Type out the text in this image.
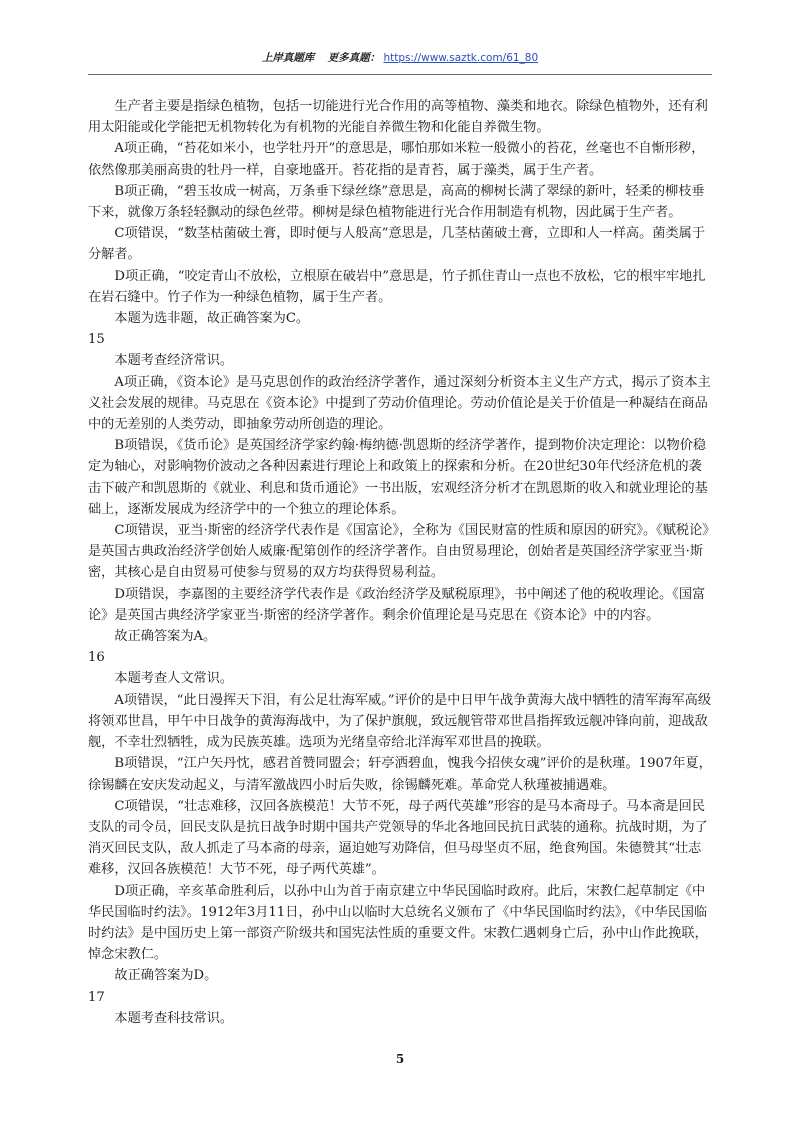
上岸真题库 更多真题： https://www.saztk.com/61_80

生产者主要是指绿色植物，包括一切能进行光合作用的高等植物、藻类和地衣。除绿色植物外，还有利用太阳能或化学能把无机物转化为有机物的光能自养微生物和化能自养微生物。

A项正确，“苔花如米小，也学牡丹开”的意思是，哪怕那如米粒一般微小的苔花，丝毫也不自惭形秽，依然像那美丽高贵的牡丹一样，自豪地盛开。苔花指的是青苔，属于藻类，属于生产者。

B项正确，“碧玉妆成一树高，万条垂下绿丝绦”意思是，高高的柳树长满了翠绿的新叶，轻柔的柳枝垂下来，就像万条轻轻飘动的绿色丝带。柳树是绿色植物能进行光合作用制造有机物，因此属于生产者。

C项错误，“数茎枯菌破土膏，即时便与人般高”意思是，几茎枯菌破土膏，立即和人一样高。菌类属于分解者。

D项正确，“咬定青山不放松，立根原在破岩中”意思是，竹子抓住青山一点也不放松，它的根牢牢地扎在岩石缝中。竹子作为一种绿色植物，属于生产者。

本题为选非题，故正确答案为C。

15

本题考查经济常识。

A项正确，《资本论》是马克思创作的政治经济学著作，通过深刻分析资本主义生产方式，揭示了资本主义社会发展的规律。马克思在《资本论》中提到了劳动价值理论。劳动价值论是关于价值是一种凝结在商品中的无差别的人类劳动，即抽象劳动所创造的理论。

B项错误，《货币论》是英国经济学家约翰·梅纳德·凯恩斯的经济学著作，提到物价决定理论：以物价稳定为轴心，对影响物价波动之各种因素进行理论上和政策上的探索和分析。在20世纪30年代经济危机的袭击下破产和凯恩斯的《就业、利息和货币通论》一书出版，宏观经济分析才在凯恩斯的收入和就业理论的基础上，逐渐发展成为经济学中的一个独立的理论体系。

C项错误，亚当·斯密的经济学代表作是《国富论》，全称为《国民财富的性质和原因的研究》。《赋税论》是英国古典政治经济学创始人威廉·配第创作的经济学著作。自由贸易理论，创始者是英国经济学家亚当·斯密，其核心是自由贸易可使参与贸易的双方均获得贸易利益。

D项错误，李嘉图的主要经济学代表作是《政治经济学及赋税原理》，书中阐述了他的税收理论。《国富论》是英国古典经济学家亚当·斯密的经济学著作。剩余价值理论是马克思在《资本论》中的内容。

故正确答案为A。

16

本题考查人文常识。

A项错误，“此日漫挥天下泪，有公足壮海军威。”评价的是中日甲午战争黄海大战中牺牲的清军海军高级将领邓世昌，甲午中日战争的黄海海战中，为了保护旗舰，致远舰管带邓世昌指挥致远舰冲锋向前，迎战敌舰，不幸壮烈牺牲，成为民族英雄。选项为光绪皇帝给北洋海军邓世昌的挽联。

B项错误，“江户矢丹忱，感君首赞同盟会；轩亭洒碧血，愧我今招侠女魂”评价的是秋瑾。1907年夏，徐锡麟在安庆发动起义，与清军激战四小时后失败，徐锡麟死难。革命党人秋瑾被捕遇难。

C项错误，“壮志难移，汉回各族模范！大节不死，母子两代英雄”形容的是马本斋母子。马本斋是回民支队的司令员，回民支队是抗日战争时期中国共产党领导的华北各地回民抗日武装的通称。抗战时期，为了消灭回民支队，敌人抓走了马本斋的母亲，逼迫她写劝降信，但马母坚贞不屈，绝食殉国。朱德赞其“壮志难移，汉回各族模范！大节不死，母子两代英雄”。

D项正确，辛亥革命胜利后，以孙中山为首于南京建立中华民国临时政府。此后，宋教仁起草制定《中华民国临时约法》。1912年3月11日，孙中山以临时大总统名义颁布了《中华民国临时约法》，《中华民国临时约法》是中国历史上第一部资产阶级共和国宪法性质的重要文件。宋教仁遇刺身亡后，孙中山作此挽联，悼念宋教仁。

故正确答案为D。

17

本题考查科技常识。

5
